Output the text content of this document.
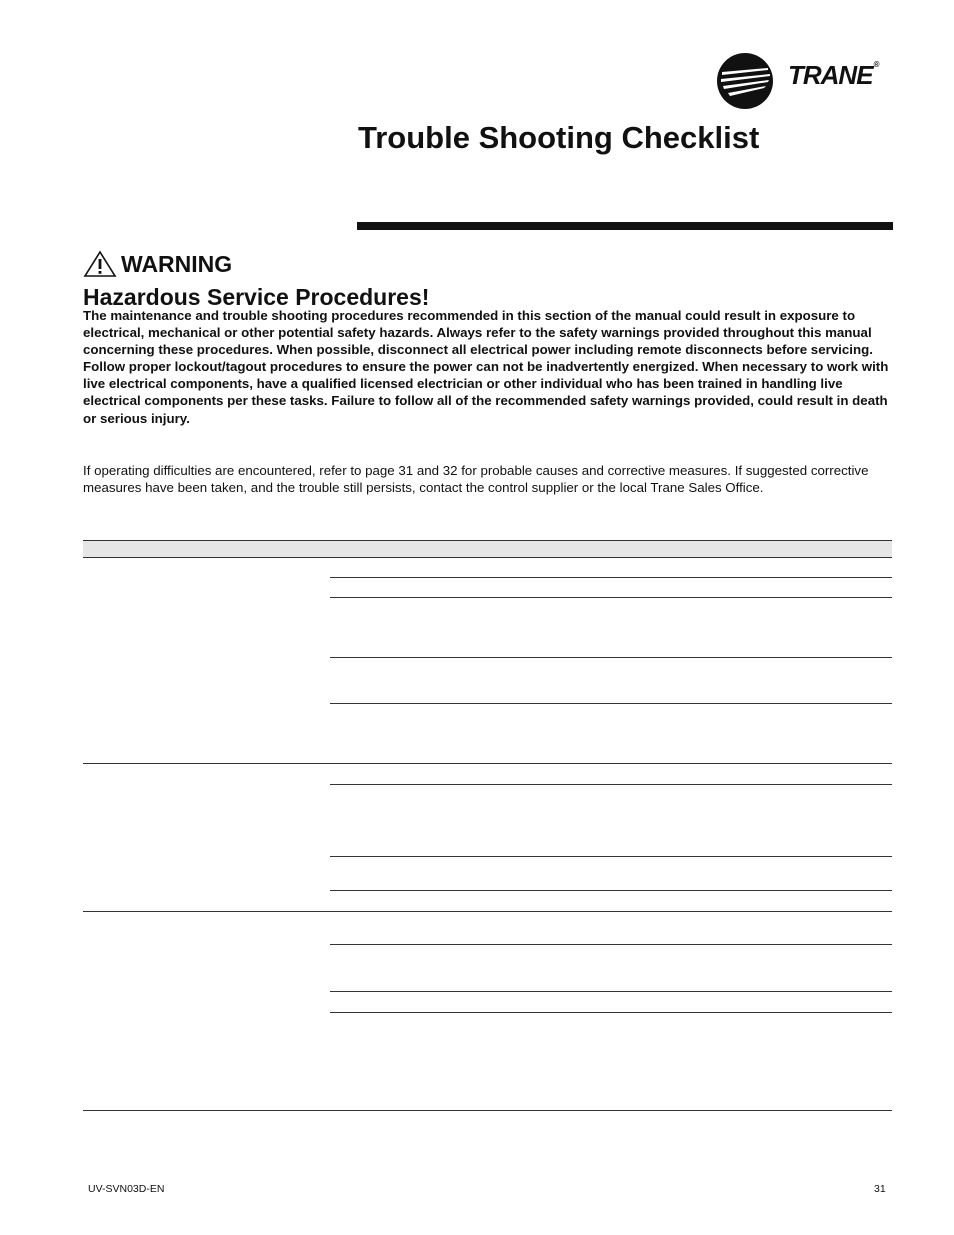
TRANE®
Trouble Shooting Checklist
WARNING
Hazardous Service Procedures!

The maintenance and trouble shooting procedures recommended in this section of the manual could result in exposure to electrical, mechanical or other potential safety hazards. Always refer to the safety warnings provided throughout this manual concerning these procedures. When possible, disconnect all electrical power including remote disconnects before servicing. Follow proper lockout/tagout procedures to ensure the power can not be inadvertently energized. When necessary to work with live electrical components, have a qualified licensed electrician or other individual who has been trained in handling live electrical components per these tasks. Failure to follow all of the recommended safety warnings provided, could result in death or serious injury.

If operating difficulties are encountered, refer to page 31 and 32 for probable causes and corrective measures. If suggested corrective measures have been taken, and the trouble still persists, contact the control supplier or the local Trane Sales Office.

UV-SVN03D-EN	31
